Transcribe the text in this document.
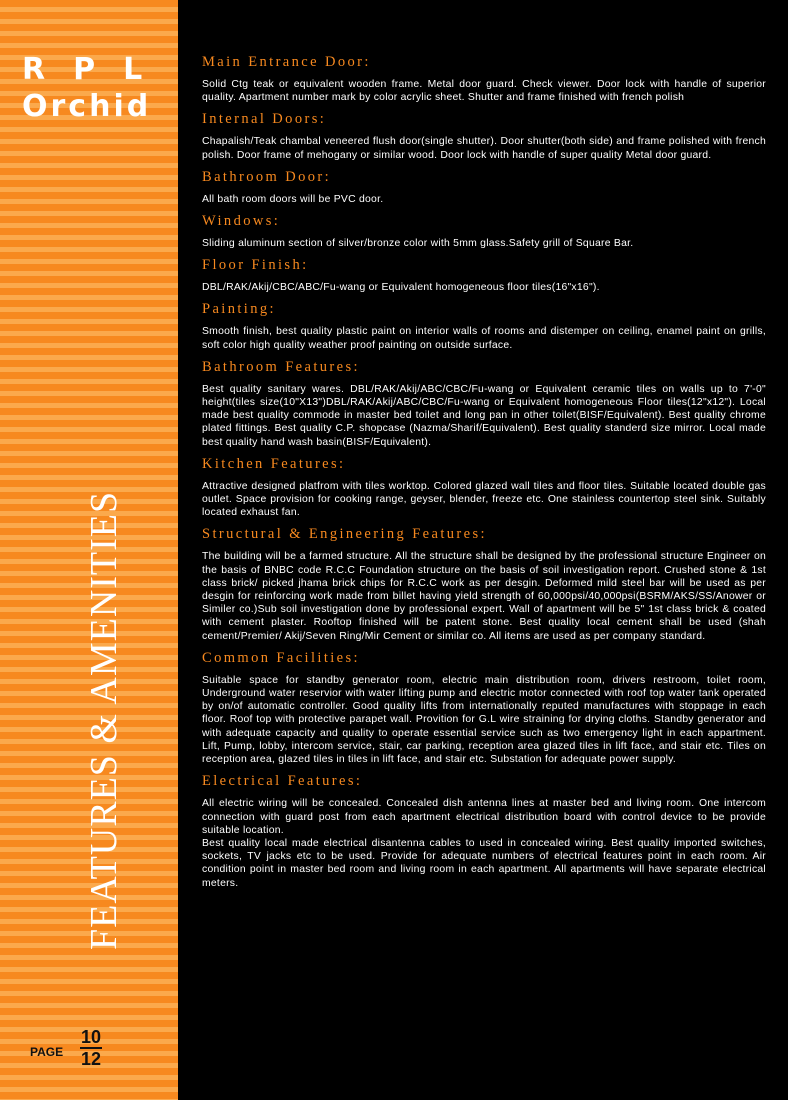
RPL
Orchid
FEATURES & AMENITIES
PAGE
10
12
Main Entrance Door:
Solid Ctg teak or equivalent wooden frame. Metal door guard. Check viewer. Door lock with handle of superior quality. Apartment number mark by color acrylic sheet. Shutter and frame finished with french polish
Internal Doors:
Chapalish/Teak chambal veneered flush door(single shutter). Door shutter(both side) and frame polished with french polish. Door frame of mehogany or similar wood. Door lock with handle of super quality Metal door guard.
Bathroom Door:
All bath room doors will be PVC door.
Windows:
Sliding aluminum section of silver/bronze color with 5mm glass.Safety grill of Square Bar.
Floor Finish:
DBL/RAK/Akij/CBC/ABC/Fu-wang or Equivalent homogeneous floor tiles(16"x16").
Painting:
Smooth finish, best quality plastic paint on interior walls of rooms and distemper on ceiling, enamel paint on grills, soft color high quality weather proof painting on outside surface.
Bathroom Features:
Best quality sanitary wares. DBL/RAK/Akij/ABC/CBC/Fu-wang or Equivalent ceramic tiles on walls up to 7'-0" height(tiles size(10"X13")DBL/RAK/Akij/ABC/CBC/Fu-wang or Equivalent homogeneous Floor tiles(12"x12"). Local made best quality commode in master bed toilet and long pan in other toilet(BISF/Equivalent). Best quality chrome plated fittings. Best quality C.P. shopcase (Nazma/Sharif/Equivalent). Best quality standerd size mirror. Local made best quality hand wash basin(BISF/Equivalent).
Kitchen Features:
Attractive designed platfrom with tiles worktop. Colored glazed wall tiles and floor tiles. Suitable located double gas outlet. Space provision for cooking range, geyser, blender, freeze etc. One stainless countertop steel sink. Suitably located exhaust fan.
Structural & Engineering Features:
The building will be a farmed structure. All the structure shall be designed by the professional structure Engineer on the basis of BNBC code R.C.C Foundation structure on the basis of soil investigation report. Crushed stone & 1st class brick/ picked jhama brick chips for R.C.C work as per desgin. Deformed mild steel bar will be used as per desgin for reinforcing work made from billet having yield strength of 60,000psi/40,000psi(BSRM/AKS/SS/Anower or Similer co.)Sub soil investigation done by professional expert. Wall of apartment will be 5" 1st class brick & coated with cement plaster. Rooftop finished will be patent stone. Best quality local cement shall be used (shah cement/Premier/ Akij/Seven Ring/Mir Cement or similar co. All items are used as per company standard.
Common Facilities:
Suitable space for standby generator room, electric main distribution room, drivers restroom, toilet room, Underground water reservior with water lifting pump and electric motor connected with roof top water tank operated by on/of automatic controller. Good quality lifts from internationally reputed manufactures with stoppage in each floor. Roof top with protective parapet wall. Provition for G.L wire straining for drying cloths. Standby generator and with adequate capacity and quality to operate essential service such as two emergency light in each appartment. Lift, Pump, lobby, intercom service, stair, car parking, reception area glazed tiles in lift face, and stair etc. Tiles on reception area, glazed tiles in tiles in lift face, and stair etc. Substation for adequate power supply.
Electrical Features:
All electric wiring will be concealed. Concealed dish antenna lines at master bed and living room. One intercom connection with guard post from each apartment electrical distribution board with control device to be provide suitable location.
Best quality local made electrical disantenna cables to used in concealed wiring. Best quality imported switches, sockets, TV jacks etc to be used. Provide for adequate numbers of electrical features point in each room. Air condition point in master bed room and living room in each apartment. All apartments will have separate electrical meters.
